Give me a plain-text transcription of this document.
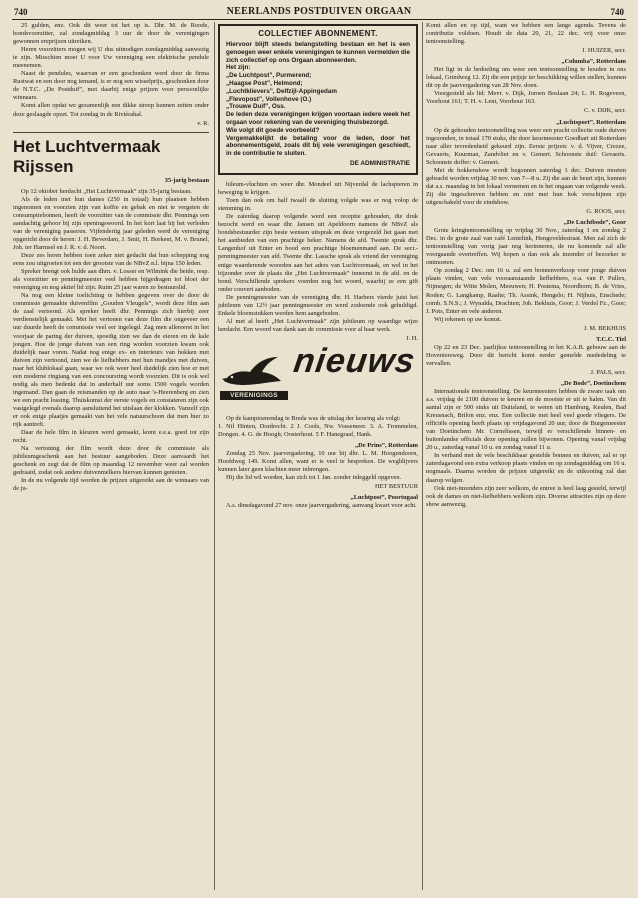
740	NEERLANDS POSTDUIVEN ORGAAN	740

25 gulden, enz. Ook dit weer tot het op is. Dhr. M. de Roode, bondsvoorzitter, zal zondagmiddag 3 uur de door de verenigingen gewonnen ereprijzen uitreiken.

Heren voorzitters mogen wij U dus uitnodigen zondagmiddag aanwezig te zijn. Misschien moet U voor Uw vereniging een elektrische pendule meenemen.

Naast de pendules, waarvan er een geschonken werd door de firma Rustwat en een door nog iemand, is er nog een wisselprijs, geschonken door de N.T.C. „De Postduif”, met daarbij enige prijzen voor persoonlijke winnaars.

Komt allen opdat we gezamenlijk een dikke streep kunnen zetten onder deze geslaagde opzet. Tot zondag in de Rivièrahal.

v. R.
Het Luchtvermaak Rijssen
35-jarig bestaan

Op 12 oktober herdacht „Het Luchtvermaak” zijn 35-jarig bestaan.

Als de leden met hun dames (250 in totaal) hun plaatsen hebben ingenomen en voorzien zijn van koffie en gebak en niet te vergeten de consumptiebonnen, heeft de voorzitter van de commissie dhr. Pennings een aandachtig gehoor bij zijn openingswoord. In het kort laat hij het verleden van de vereniging passeren. Vijfendertig jaar geleden werd de vereniging opgericht door de heren: J. H. Beverdam, J. Smit, H. Borkent, M. v. Brunel, Joh. ter Harmsel en J. R. v. d. Noort.

Deze zes heren hebben toen zeker niet gedacht dat hun schepping nog eens zou uitgroeien tot een der grootste van de NBvZ n.l. bijna 150 leden.

Spreker brengt ook hulde aan dhrn. v. Losser en Wilmink die beide, resp. als voorzitter en penningmeester veel hebben bijgedragen tot bloei der vereniging en nog aktief lid zijn. Ruim 25 jaar waren ze bestuurslid.

Na nog een kleine toelichting te hebben gegeven over de door de commissie gemaakte duivenfilm „Gouden Vleugels”, wordt deze film aan de zaal vertoond. Als spreker heeft dhr. Pennings zich hierbij zeer verdienstelijk gemaakt. Met het vertonen van deze film die ongeveer een uur duurde heeft de commissie veel eer ingelegd. Zag men allereerst in het voorjaar de paring der duiven, spoedig zien we dan de eieren en de kale jongen. Hoe de jonge duiven van een ring worden voorzien kwam ook duidelijk naar voren. Nadat nog enige ex- en interieurs van hokken met duiven zijn vertoond, zien we de liefhebbers met hun mandjes met duiven, naar het klublokaal gaan, waar we ook weer heel duidelijk zien hoe er met een moderne ringtang van een concoursring wordt voorzien. Dit is ook wel nodig als men bedenkt dat in anderhalf uur soms 1500 vogels worden ingemand. Dan gaan de reismanden op de auto naar 's-Heerenberg en zien we een pracht lossing. Thuiskomst der eerste vogels en constateren zijn ook vastgelegd evenals daarop aansluitend het uitslaan der klokken. Vanzelf zijn er ook enige plaatjes gemaakt van het vele natuurschoon dat men hier zo rijk aantreft.

Daar de hele film in kleuren werd gemaakt, komt e.e.a. goed tot zijn recht.

Na vertoning der film wordt deze door de commissie als jubileumgeschenk aan het bestuur aangeboden. Deze aanvaardt het geschenk en zegt dat de film op maandag 12 november weer zal worden gedraaid, zodat ook andere duivenmelkers hiervan kunnen genieten.

In de nu volgende tijd worden de prijzen uitgereikt aan de winnaars van de ju-

COLLECTIEF ABONNEMENT.

Hiervoor blijft steeds belangstelling bestaan en het is een genoegen weer enkele verenigingen te kunnen vermelden die zich collectief op ons Orgaan abonneerden.

Het zijn:
„De Luchtpost”, Purmerend;
„Haagse Post”, Helmond;
„Luchtklievers”, Delfzijl-Appingedam
„Flevopost”, Vollenhove (O.)
„Trouwe Duif”, Oss.

De leden deze verenigingen krijgen voortaan iedere week het orgaan voor rekening van de vereniging thuisbezorgd.

Wie volgt dit goede voorbeeld?

Vergemakkelijkt de betaling voor de leden, door het abonnementsgeld, zoals dit bij vele verenigingen geschiedt, in de contributie te sluiten.

DE ADMINISTRATIE

bileum-vluchten en weer dhr. Mondeel uit Nijverdal de lachspieren in beweging te krijgen.

Toen dan ook om half twaalf de sluiting volgde was er nog volop de stemming in.

De zaterdag daarop volgende werd een receptie gehouden, die druk bezocht werd en waar dhr. Jansen uit Apeldoorn namens de NBvZ als bondsbestuurder zijn beste wensen uitsprak en deze vergezeld liet gaan met het aanbieden van een prachtige beker. Namens de afd. Twente sprak dhr. Langenhof uit Enter en bood een prachtige bloemenmand aan. De secr.-penningmeester van afd. Twente dhr. Lassche sprak als vriend der vereniging enige waarderende woorden aan het adres van Luchtvermaak, en wel in het bijzonder over de plaats die „Het Luchtvermaak” inneemt in de afd. en de bond. Verschillende sprekers voerden nog het woord, waarbij ze een gift onder couvert aanboden.

De penningmeester van de vereniging dhr. H. Harbers vierde juist het jubileum van 12½ jaar penningmeester en werd zodoende ook gehuldigd. Enkele bloemstukken werden hem aangeboden.

Al met al heeft „Het Luchtvermaak” zijn jubileum op waardige wijze herdacht. Een woord van dank aan de commissie voor al haar werk.

J. H.
VERENIGINGS
nieuws

Op de kampioenendag te Breda was de uitslag der keuring als volgt:

1. Nil Hinten, Dordrecht. 2 J. Cools, Nw. Vossemeer. 3. A. Trommelen, Dongen. 4. G. de Hoogh; Oosterhout. 5 F. Hanegraaf, Hank.

„De Prins”, Rotterdam

Zondag 25 Nov. jaarvergadering, 10 uur bij dhr. L. M. Hoogendoorn, Hoofdweg 149. Komt allen, want er is veel te bespreken. De wegblijvers kunnen later geen klachten meer inbrengen.

Hij die lid wil worden, kan zich tot 1 Jan. zonder inleggeld opgeven.

HET BESTUUR
„Luchtpost”, Poortugaal

A.s. dinsdagavond 27 nov. onze jaarvergadering, aanvang kwart voor acht.

Komt allen en op tijd, want we hebben een lange agenda. Tevens de contributie voldoen. Houdt de data 20, 21, 22 dec. vrij voor onze tentoonstelling.

J. HUIZER, secr.
„Columba”, Rotterdam

Het ligt in de bedoeling om weer een tentoonstelling te houden in ons lokaal, Grindweg 12. Zij die een prijsje ter beschikking willen stellen, kunnen dit op de jaarvergadering van 28 Nov. doen.

Voorgesteld als lid: Mevr. v. Dijk, Joroen Boslaan 24; L. H. Rogeveen, Voorhout 161; T. H. v. Lent, Voorhout 163.

C. v. DIJK, secr.
„Luchtsport”, Rotterdam

Op de gehouden tentoonstelling was weer een pracht collectie oude duiven ingezonden, in totaal 170 stuks, die door keurmeester Goedhart uit Rotterdam naar aller tevredenheid gekeurd zijn. Eerste prijzen: v. d. Vijver, Crezee, Gevaerts, Kuurman, Zandvliet en v. Gemert. Schoonste duif: Gevaerts. Schoonste doffer: v. Gemert.

Met de hokkenshow wordt begonnen zaterdag 1 dec. Duiven moeten gebracht worden vrijdag 30 nov. van 7—8 u. Zij die aan de beurt zijn, kunnen dat a.s. maandag in het lokaal vernemen en in het ongaan van volgende week. Zij die ingeschreven hebben en niet met hun hok verschijnen zijn uitgeschakeld voor de eindshow.

G. ROOS, secr.
„De Luchtbode”, Goor

Grote kringtentoonstelling op vrijdag 30 Nov., zaterdag 1 en zondag 2 Dec. in de grote zaal van café Lentelink, Hengeveldestraat. Men zal zich de tentoonstelling van vorig jaar nog herinneren, de nu komende zal alle voorgaande overtreffen. Wij hopen u dan ook als inzender of bezoeker te ontmoeten.

Op zondag 2 Dec. om 16 u. zal een bonnenverkoop voor jonge duiven plaats vinden, van vele vooraanstaande liefhebbers, o.a. van P. Pullex, Nijmegen; de Witte Molen, Meeuwen; H. Postema, Noordhorn; B. de Vries, Roden; G. Langkamp, Raalte; Th. Assink, Hengelo; H. Nijhuis, Enschede; comb. S.N.S.; J. Wynalda, Drachten; Joh. Bekhuis, Goor; J. Verdel Fz., Goor; J. Pots, Enter en vele anderen.

Wij rekenen op uw komst.

J. M. BEKHUIS
T.C.C. Tiel

Op 22 en 23 Dec. jaarlijkse tentoonstelling in het K.A.B. gebouw aan de Hoveniersweg. Door dit bericht komt eerder gemelde mededeling te vervallen.

J. PALS, secr.
„De Bode”, Doetinchem

Internationale tentoonstelling. De keurmeesters hebben de zware taak om a.s. vrijdag de 2100 duiven te keuren en de mooiste er uit te halen. Van dit aantal zijn er 500 stuks uit Duitsland, te weten uit Hamburg, Keulen, Bad Kreusnach, Brilon enz. enz. Een collectie met heel veel goede vliegers. De officiële opening heeft plaats op vrijdagavond 20 uur, door de Burgemeester van Doetinchem Mr. Cornelissen, terwijl er verschillende binnen- en buitenlandse officials deze opening zullen bijwonen. Opening vanaf vrijdag 20 u., zaterdag vanaf 10 u. en zondag vanaf 11 u.

In verband met de vele beschikbaar gestelde bonnen en duiven, zal er op zaterdagavond een extra verkoop plaats vinden en op zondagmiddag om 16 u. nogmaals. Daarna worden de prijzen uitgereikt en de uitkooiing zal dan daarop volgen.

Ook niet-inzenders zijn zeer welkom, de entree is heel laag gesteld, terwijl ook de dames en niet-liefhebbers welkom zijn. Diverse attracties zijn op deze show aanwezig,
